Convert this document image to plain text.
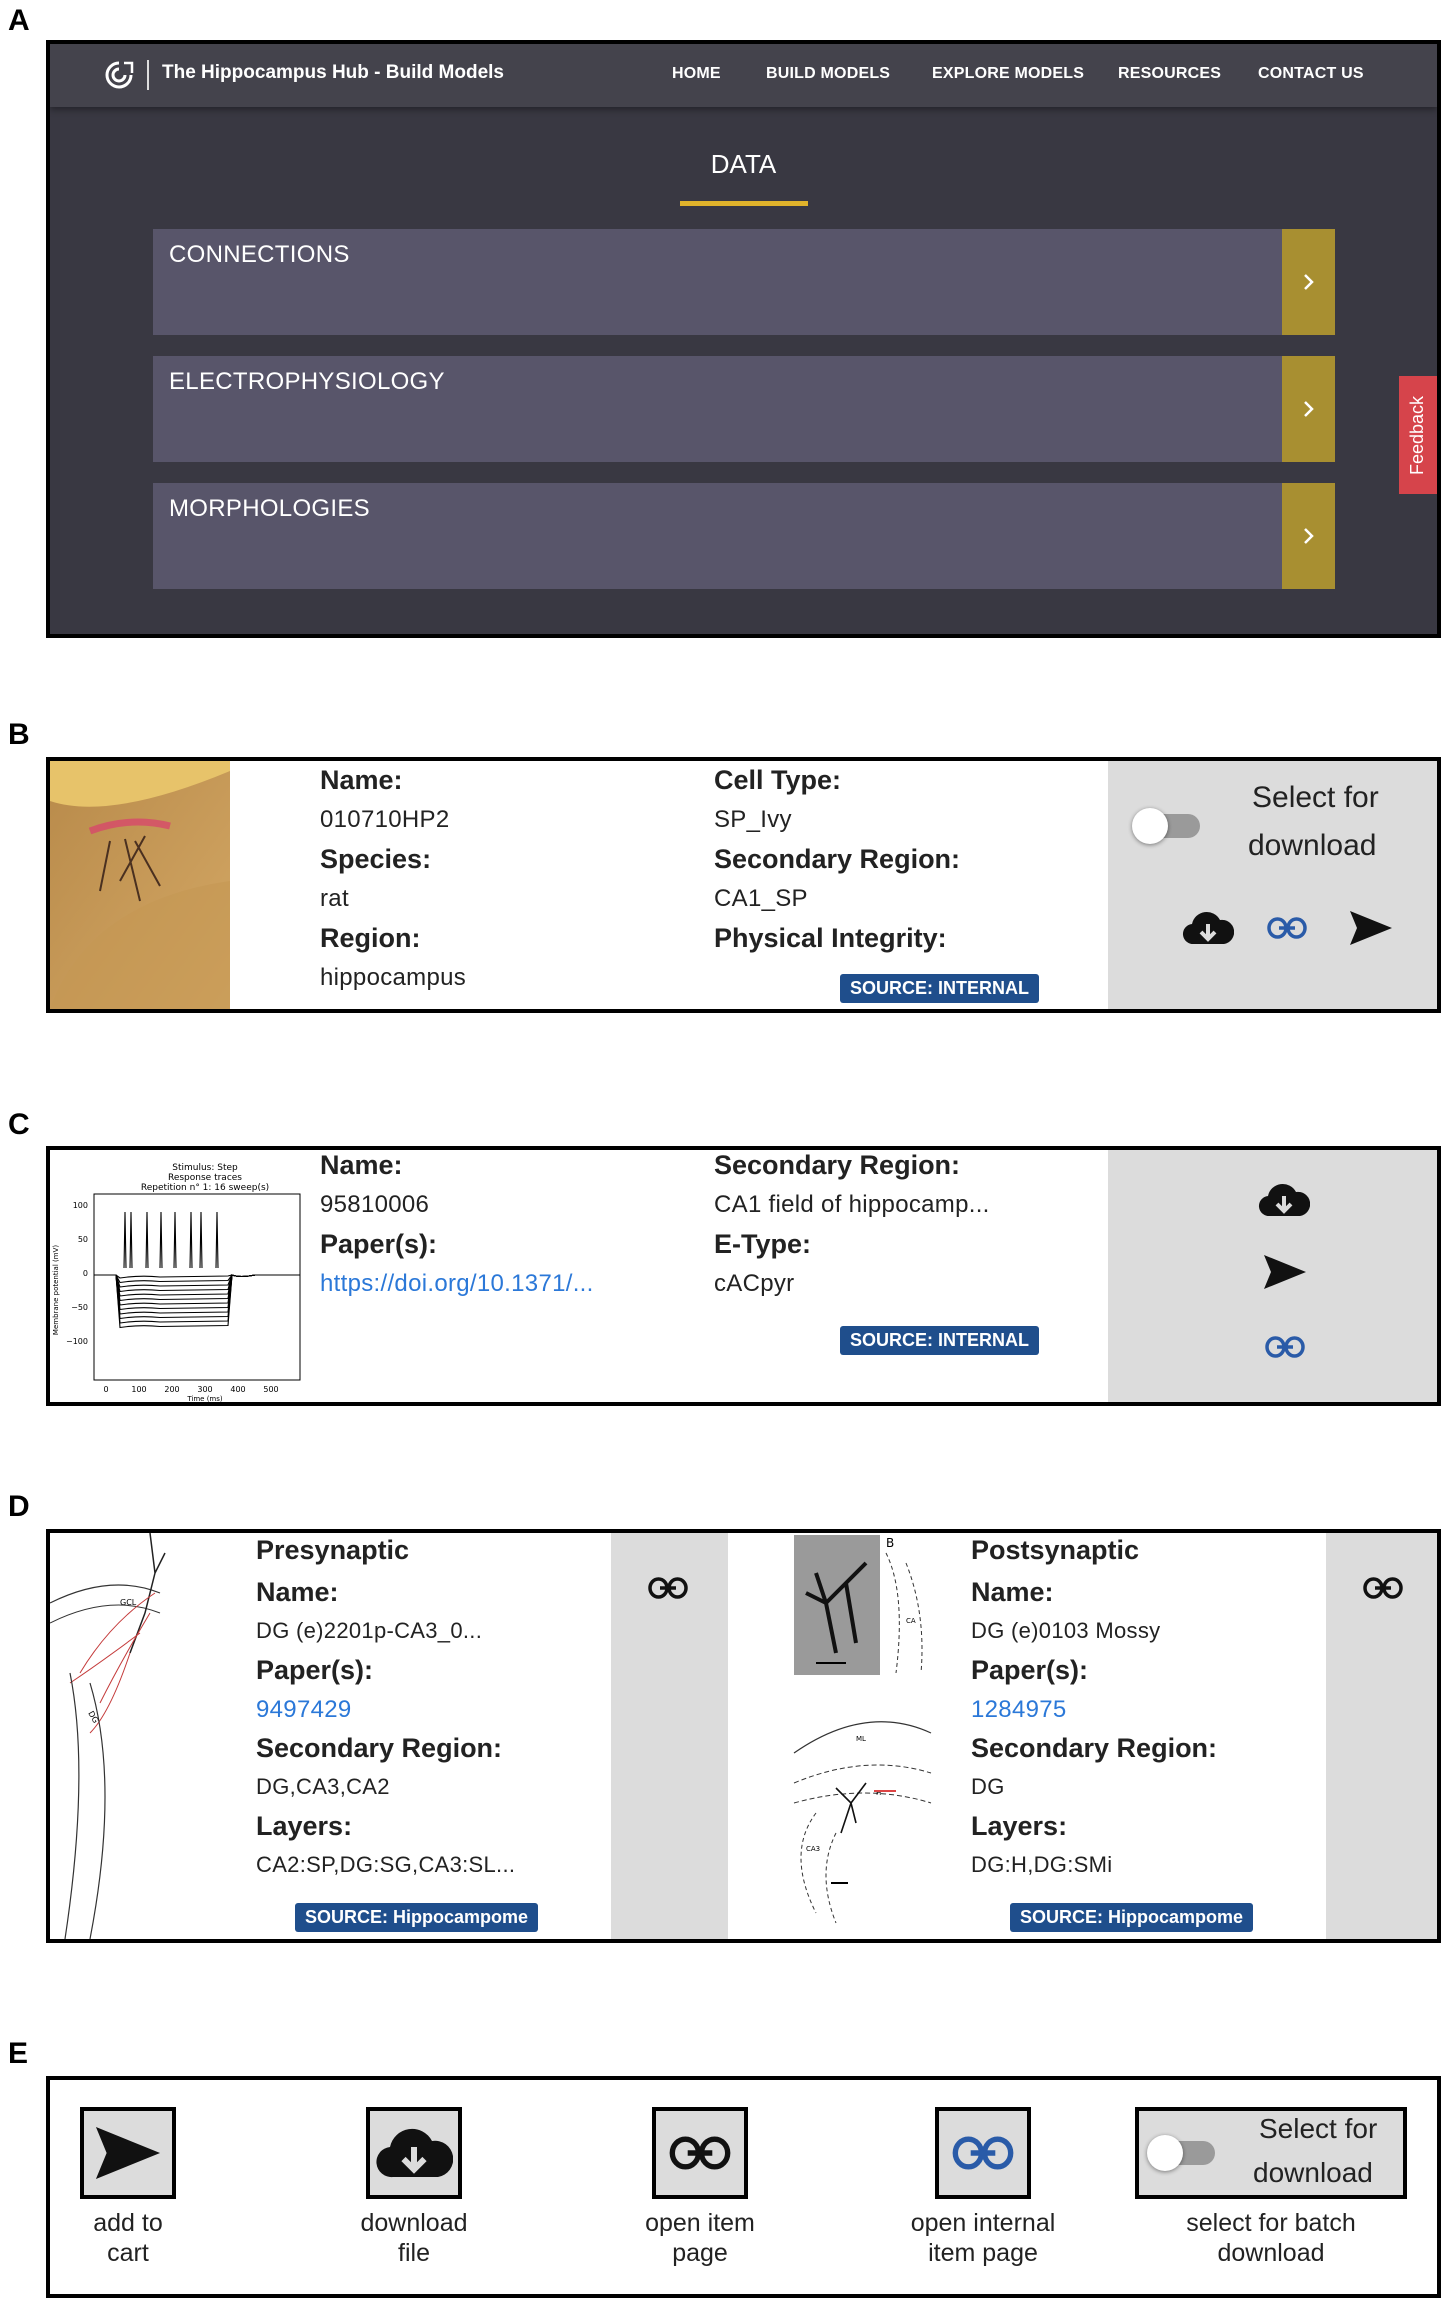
A
B
C
D
E
The Hippocampus Hub - Build Models	HOME	BUILD MODELS	EXPLORE MODELS RESOURCES CONTACT US
DATA
CONNECTIONS
ELECTROPHYSIOLOGY
MORPHOLOGIES
Feedback
Name:
010710HP2
Species:
rat
Region:
hippocampus
Cell Type:
SP_Ivy
Secondary Region:
CA1_SP
Physical Integrity:
SOURCE: INTERNAL
Select for
download
Stimulus: Step
Response traces
Repetition n° 1: 16 sweep(s)
Membrane potential (mV)
100
50
0
−50
−100
0	100 200 300 400 500
Time (ms)
Name:
95810006
Paper(s):
https://doi.org/10.1371/...
Secondary Region:
CA1 field of hippocamp...
E-Type:
cACpyr
SOURCE: INTERNAL
GCL
DG
Presynaptic
Name:
DG (e)2201p-CA3_0...
Paper(s):
9497429
Secondary Region:
DG,CA3,CA2
Layers:
CA2:SP,DG:SG,CA3:SL...
SOURCE: Hippocampome
B
CA
ML
H
CA3
Postsynaptic
Name:
DG (e)0103 Mossy
Paper(s):
1284975
Secondary Region:
DG
Layers:
DG:H,DG:SMi
SOURCE: Hippocampome
add to
cart
download
file
open item
page
open internal
item page
Select for
download
select for batch
download
